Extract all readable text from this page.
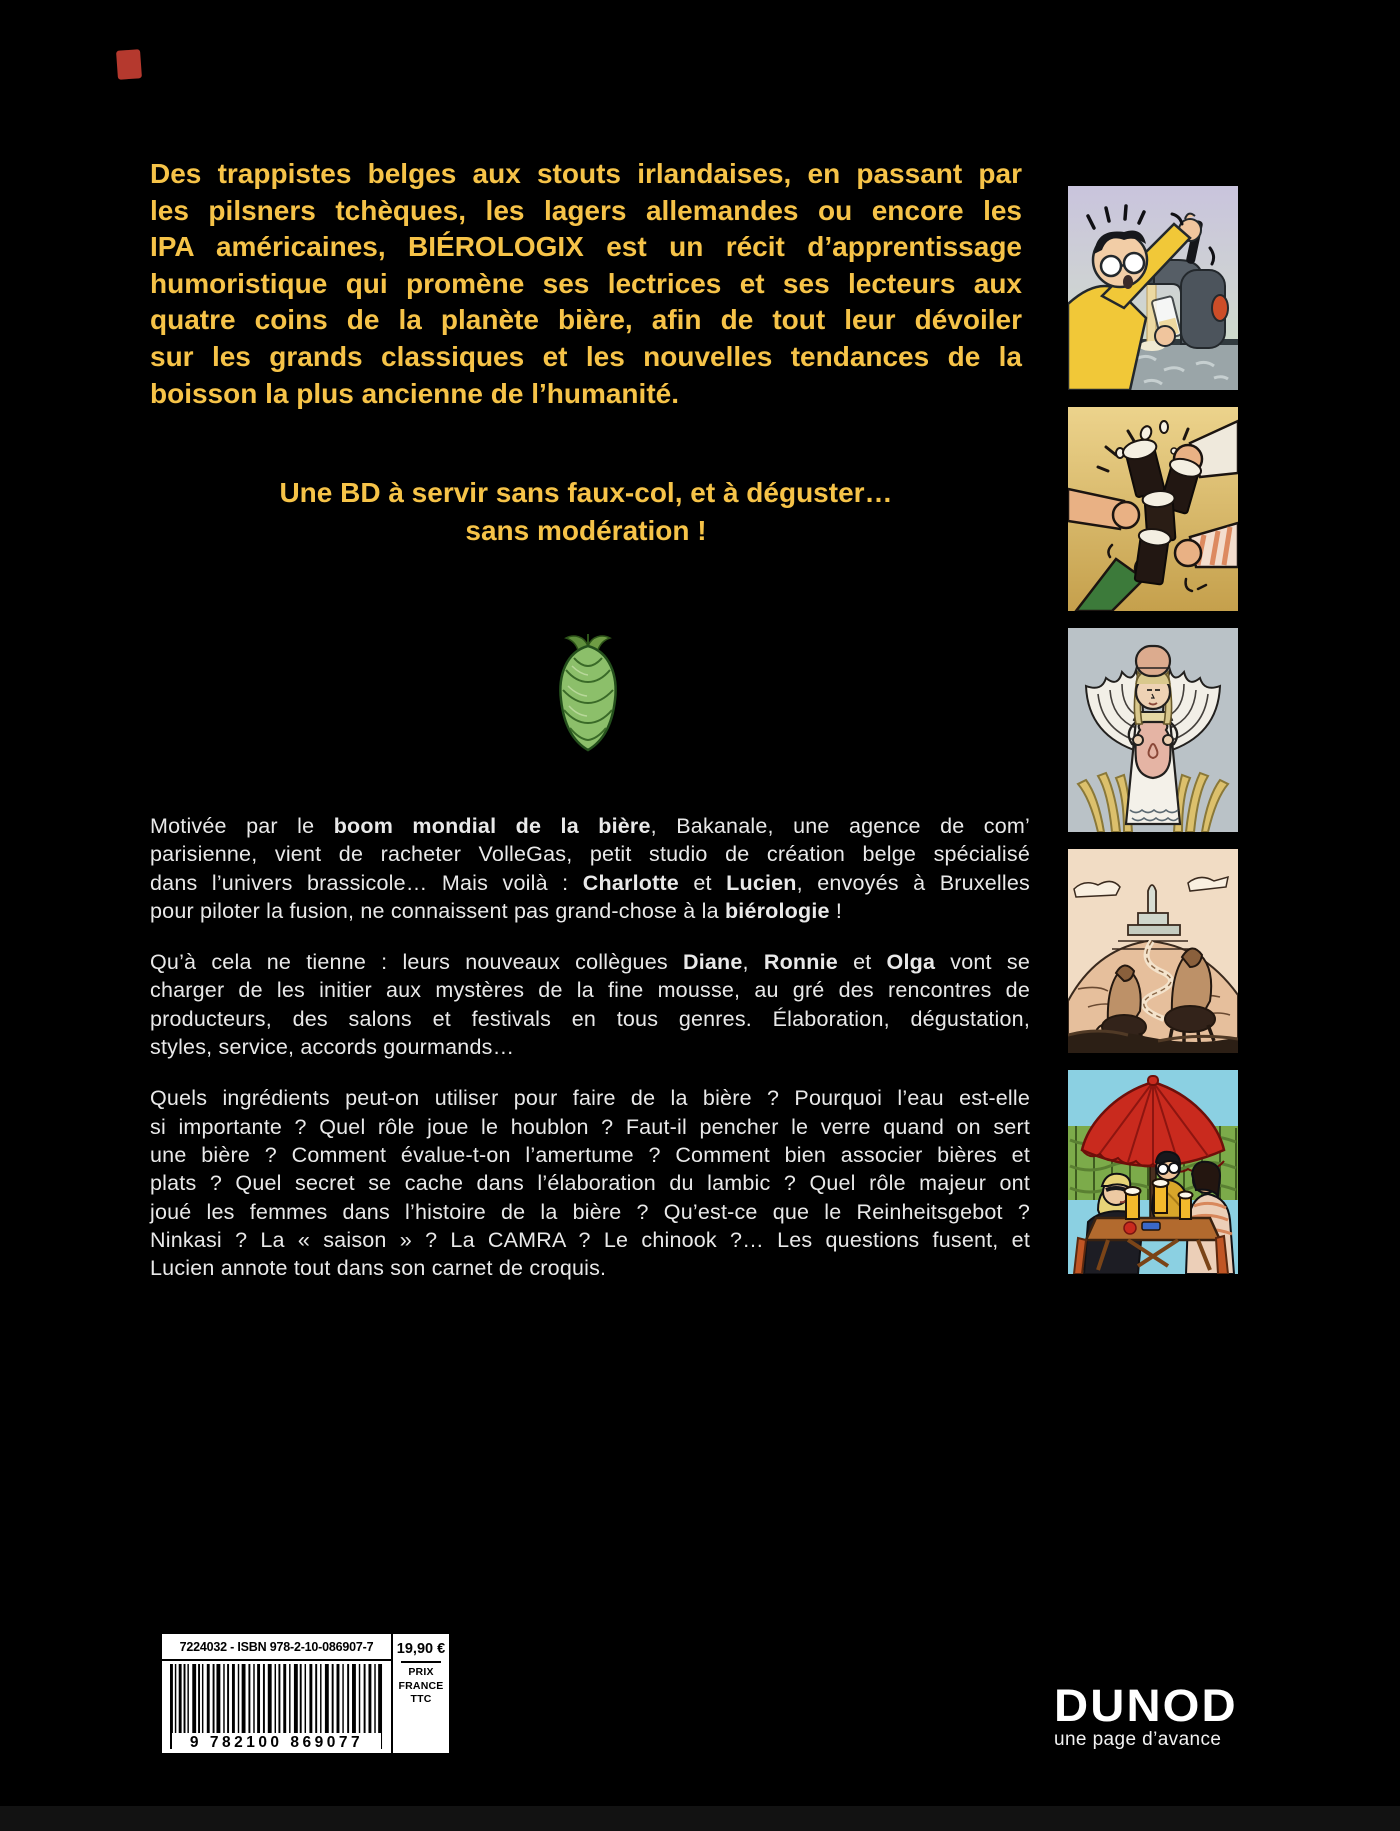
Des trappistes belges aux stouts irlandaises, en passant par
les pilsners tchèques, les lagers allemandes ou encore les
IPA américaines, BIÉROLOGIX est un récit d’apprentissage
humoristique qui promène ses lectrices et ses lecteurs aux
quatre coins de la planète bière, afin de tout leur dévoiler
sur les grands classiques et les nouvelles tendances de la
boisson la plus ancienne de l’humanité.
Une BD à servir sans faux-col, et à déguster…
sans modération !
Motivée par le boom mondial de la bière, Bakanale, une agence de com’
parisienne, vient de racheter VolleGas, petit studio de création belge spécialisé
dans l’univers brassicole… Mais voilà : Charlotte et Lucien, envoyés à Bruxelles
pour piloter la fusion, ne connaissent pas grand-chose à la biérologie !
Qu’à cela ne tienne : leurs nouveaux collègues Diane, Ronnie et Olga vont se
charger de les initier aux mystères de la fine mousse, au gré des rencontres de
producteurs, des salons et festivals en tous genres. Élaboration, dégustation,
styles, service, accords gourmands…
Quels ingrédients peut-on utiliser pour faire de la bière ? Pourquoi l’eau est-elle
si importante ? Quel rôle joue le houblon ? Faut-il pencher le verre quand on sert
une bière ? Comment évalue-t-on l’amertume ? Comment bien associer bières et
plats ? Quel secret se cache dans l’élaboration du lambic ? Quel rôle majeur ont
joué les femmes dans l’histoire de la bière ? Qu’est-ce que le Reinheitsgebot ?
Ninkasi ? La « saison » ? La CAMRA ? Le chinook ?… Les questions fusent, et
Lucien annote tout dans son carnet de croquis.
7224032 - ISBN 978-2-10-086907-7
9 782100 869077
19,90 €
PRIX
FRANCE
TTC	DUNOD
une page d’avance
